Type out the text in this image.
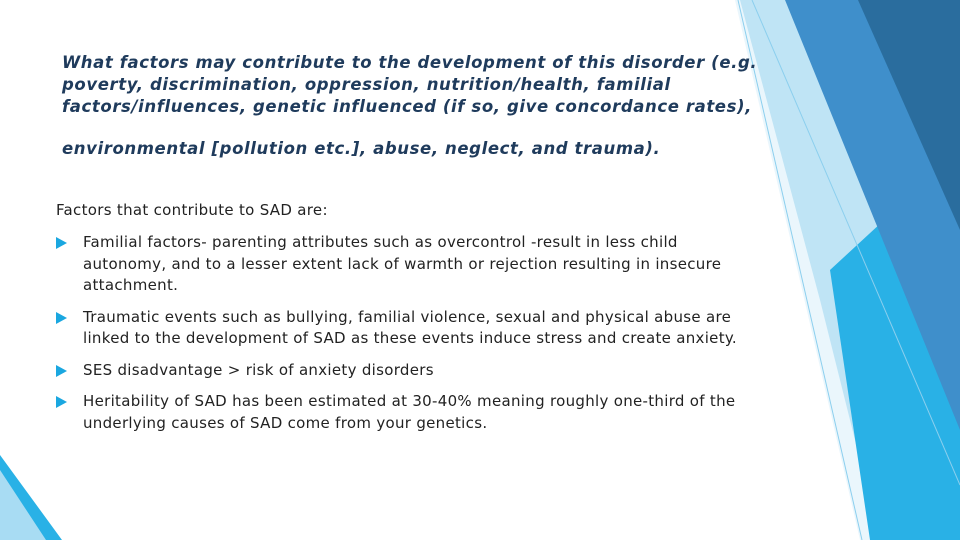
What factors may contribute to the development of this disorder (e.g.
poverty, discrimination, oppression, nutrition/health, familial
factors/influences, genetic influenced (if so, give concordance rates),
environmental [pollution etc.], abuse, neglect, and trauma).

Factors that contribute to SAD are:

Familial factors- parenting attributes such as overcontrol -result in less child autonomy, and to a lesser extent lack of warmth or rejection resulting in insecure attachment.
Traumatic events such as bullying, familial violence, sexual and physical abuse are linked to the development of SAD as these events induce stress and create anxiety.
SES disadvantage > risk of anxiety disorders
Heritability of SAD has been estimated at 30-40% meaning roughly one-third of the underlying causes of SAD come from your genetics.
